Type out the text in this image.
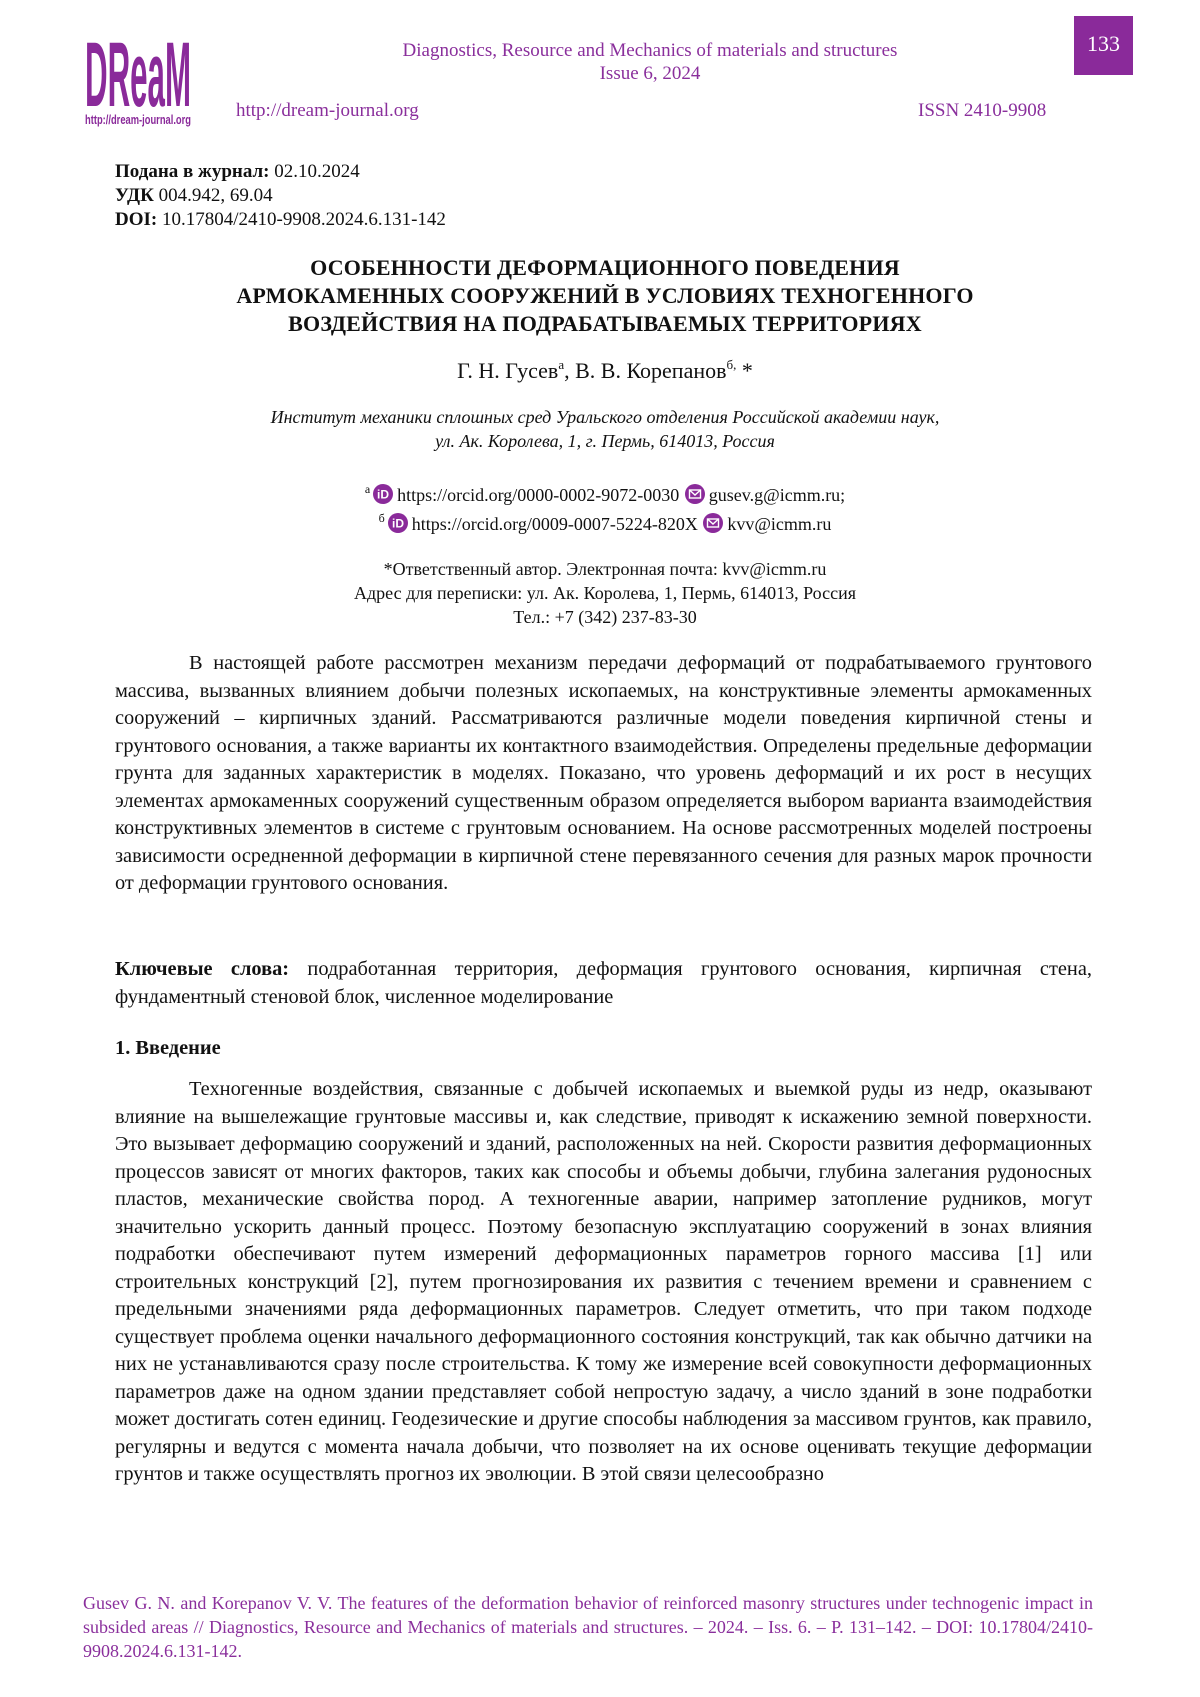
DReaM
http://dream-journal.org
Diagnostics, Resource and Mechanics of materials and structures
Issue 6, 2024
http://dream-journal.org	ISSN 2410-9908
133
Подана в журнал: 02.10.2024
УДК 004.942, 69.04
DOI: 10.17804/2410-9908.2024.6.131-142
ОСОБЕННОСТИ ДЕФОРМАЦИОННОГО ПОВЕДЕНИЯ
АРМОКАМЕННЫХ СООРУЖЕНИЙ В УСЛОВИЯХ ТЕХНОГЕННОГО
ВОЗДЕЙСТВИЯ НА ПОДРАБАТЫВАЕМЫХ ТЕРРИТОРИЯХ
Г. Н. Гусев$^а$, В. В. Корепанов$^{б,}$ *
Институт механики сплошных сред Уральского отделения Российской академии наук,
ул. Ак. Королева, 1, г. Пермь, 614013, Россия
$^а$ iD https://orcid.org/0000-0002-9072-0030 gusev.g@icmm.ru;
$^б$ iD https://orcid.org/0009-0007-5224-820X kvv@icmm.ru
*Ответственный автор. Электронная почта: kvv@icmm.ru
Адрес для переписки: ул. Ак. Королева, 1, Пермь, 614013, Россия
Тел.: +7 (342) 237-83-30
В настоящей работе рассмотрен механизм передачи деформаций от подрабатываемого грунтового массива, вызванных влиянием добычи полезных ископаемых, на конструктивные элементы армокаменных сооружений – кирпичных зданий. Рассматриваются различные модели поведения кирпичной стены и грунтового основания, а также варианты их контактного взаимодействия. Определены предельные деформации грунта для заданных характеристик в моделях. Показано, что уровень деформаций и их рост в несущих элементах армокаменных сооружений существенным образом определяется выбором варианта взаимодействия конструктивных элементов в системе с грунтовым основанием. На основе рассмотренных моделей построены зависимости осредненной деформации в кирпичной стене перевязанного сечения для разных марок прочности от деформации грунтового основания.
Ключевые слова: подработанная территория, деформация грунтового основания, кирпичная стена, фундаментный стеновой блок, численное моделирование
1. Введение
Техногенные воздействия, связанные с добычей ископаемых и выемкой руды из недр, оказывают влияние на вышележащие грунтовые массивы и, как следствие, приводят к искажению земной поверхности. Это вызывает деформацию сооружений и зданий, расположенных на ней. Скорости развития деформационных процессов зависят от многих факторов, таких как способы и объемы добычи, глубина залегания рудоносных пластов, механические свойства пород. А техногенные аварии, например затопление рудников, могут значительно ускорить данный процесс. Поэтому безопасную эксплуатацию сооружений в зонах влияния подработки обеспечивают путем измерений деформационных параметров горного массива [1] или строительных конструкций [2], путем прогнозирования их развития с течением времени и сравнением с предельными значениями ряда деформационных параметров. Следует отметить, что при таком подходе существует проблема оценки начального деформационного состояния конструкций, так как обычно датчики на них не устанавливаются сразу после строительства. К тому же измерение всей совокупности деформационных параметров даже на одном здании представляет собой непростую задачу, а число зданий в зоне подработки может достигать сотен единиц. Геодезические и другие способы наблюдения за массивом грунтов, как правило, регулярны и ведутся с момента начала добычи, что позволяет на их основе оценивать текущие деформации грунтов и также осуществлять прогноз их эволюции. В этой связи целесообразно
Gusev G. N. and Korepanov V. V. The features of the deformation behavior of reinforced masonry structures under technogenic impact in subsided areas // Diagnostics, Resource and Mechanics of materials and structures. – 2024. – Iss. 6. – P. 131–142. – DOI: 10.17804/2410-9908.2024.6.131-142.
